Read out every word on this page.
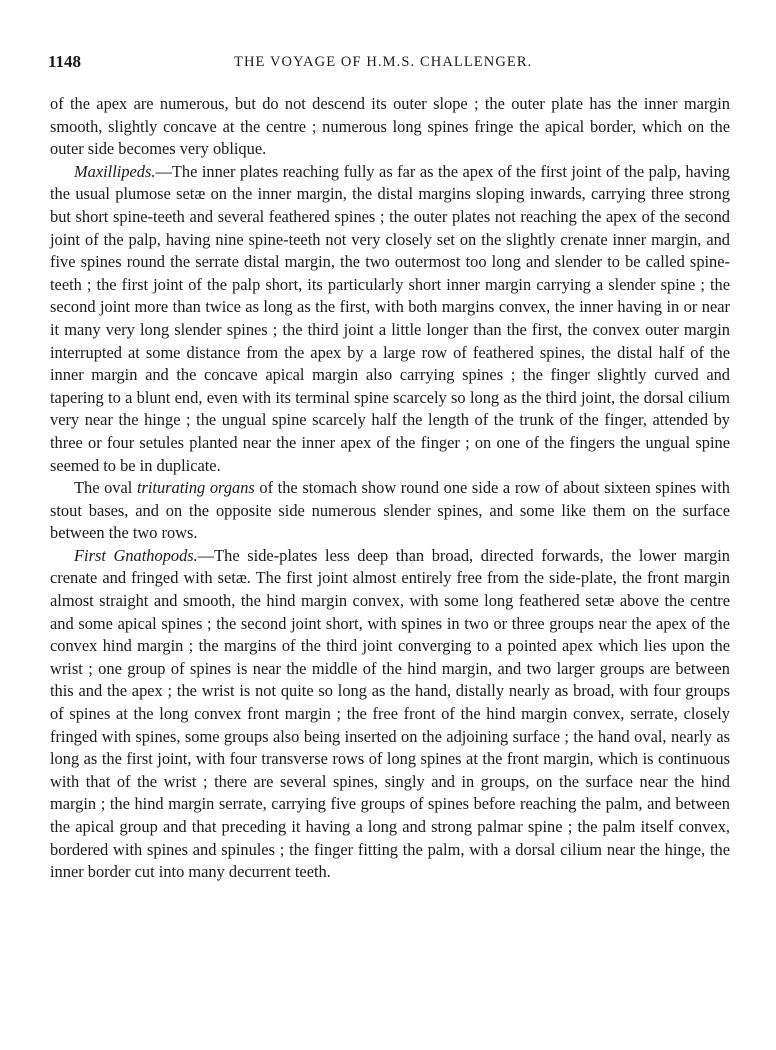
1148	THE VOYAGE OF H.M.S. CHALLENGER.

of the apex are numerous, but do not descend its outer slope ; the outer plate has the inner margin smooth, slightly concave at the centre ; numerous long spines fringe the apical border, which on the outer side becomes very oblique.

Maxillipeds.—The inner plates reaching fully as far as the apex of the first joint of the palp, having the usual plumose setæ on the inner margin, the distal margins sloping inwards, carrying three strong but short spine-teeth and several feathered spines ; the outer plates not reaching the apex of the second joint of the palp, having nine spine-teeth not very closely set on the slightly crenate inner margin, and five spines round the serrate distal margin, the two outermost too long and slender to be called spine-teeth ; the first joint of the palp short, its particularly short inner margin carrying a slender spine ; the second joint more than twice as long as the first, with both margins convex, the inner having in or near it many very long slender spines ; the third joint a little longer than the first, the convex outer margin interrupted at some distance from the apex by a large row of feathered spines, the distal half of the inner margin and the concave apical margin also carrying spines ; the finger slightly curved and tapering to a blunt end, even with its terminal spine scarcely so long as the third joint, the dorsal cilium very near the hinge ; the ungual spine scarcely half the length of the trunk of the finger, attended by three or four setules planted near the inner apex of the finger ; on one of the fingers the ungual spine seemed to be in duplicate.

The oval triturating organs of the stomach show round one side a row of about sixteen spines with stout bases, and on the opposite side numerous slender spines, and some like them on the surface between the two rows.

First Gnathopods.—The side-plates less deep than broad, directed forwards, the lower margin crenate and fringed with setæ. The first joint almost entirely free from the side-plate, the front margin almost straight and smooth, the hind margin convex, with some long feathered setæ above the centre and some apical spines ; the second joint short, with spines in two or three groups near the apex of the convex hind margin ; the margins of the third joint converging to a pointed apex which lies upon the wrist ; one group of spines is near the middle of the hind margin, and two larger groups are between this and the apex ; the wrist is not quite so long as the hand, distally nearly as broad, with four groups of spines at the long convex front margin ; the free front of the hind margin convex, serrate, closely fringed with spines, some groups also being inserted on the adjoining surface ; the hand oval, nearly as long as the first joint, with four transverse rows of long spines at the front margin, which is continuous with that of the wrist ; there are several spines, singly and in groups, on the surface near the hind margin ; the hind margin serrate, carrying five groups of spines before reaching the palm, and between the apical group and that preceding it having a long and strong palmar spine ; the palm itself convex, bordered with spines and spinules ; the finger fitting the palm, with a dorsal cilium near the hinge, the inner border cut into many decurrent teeth.
